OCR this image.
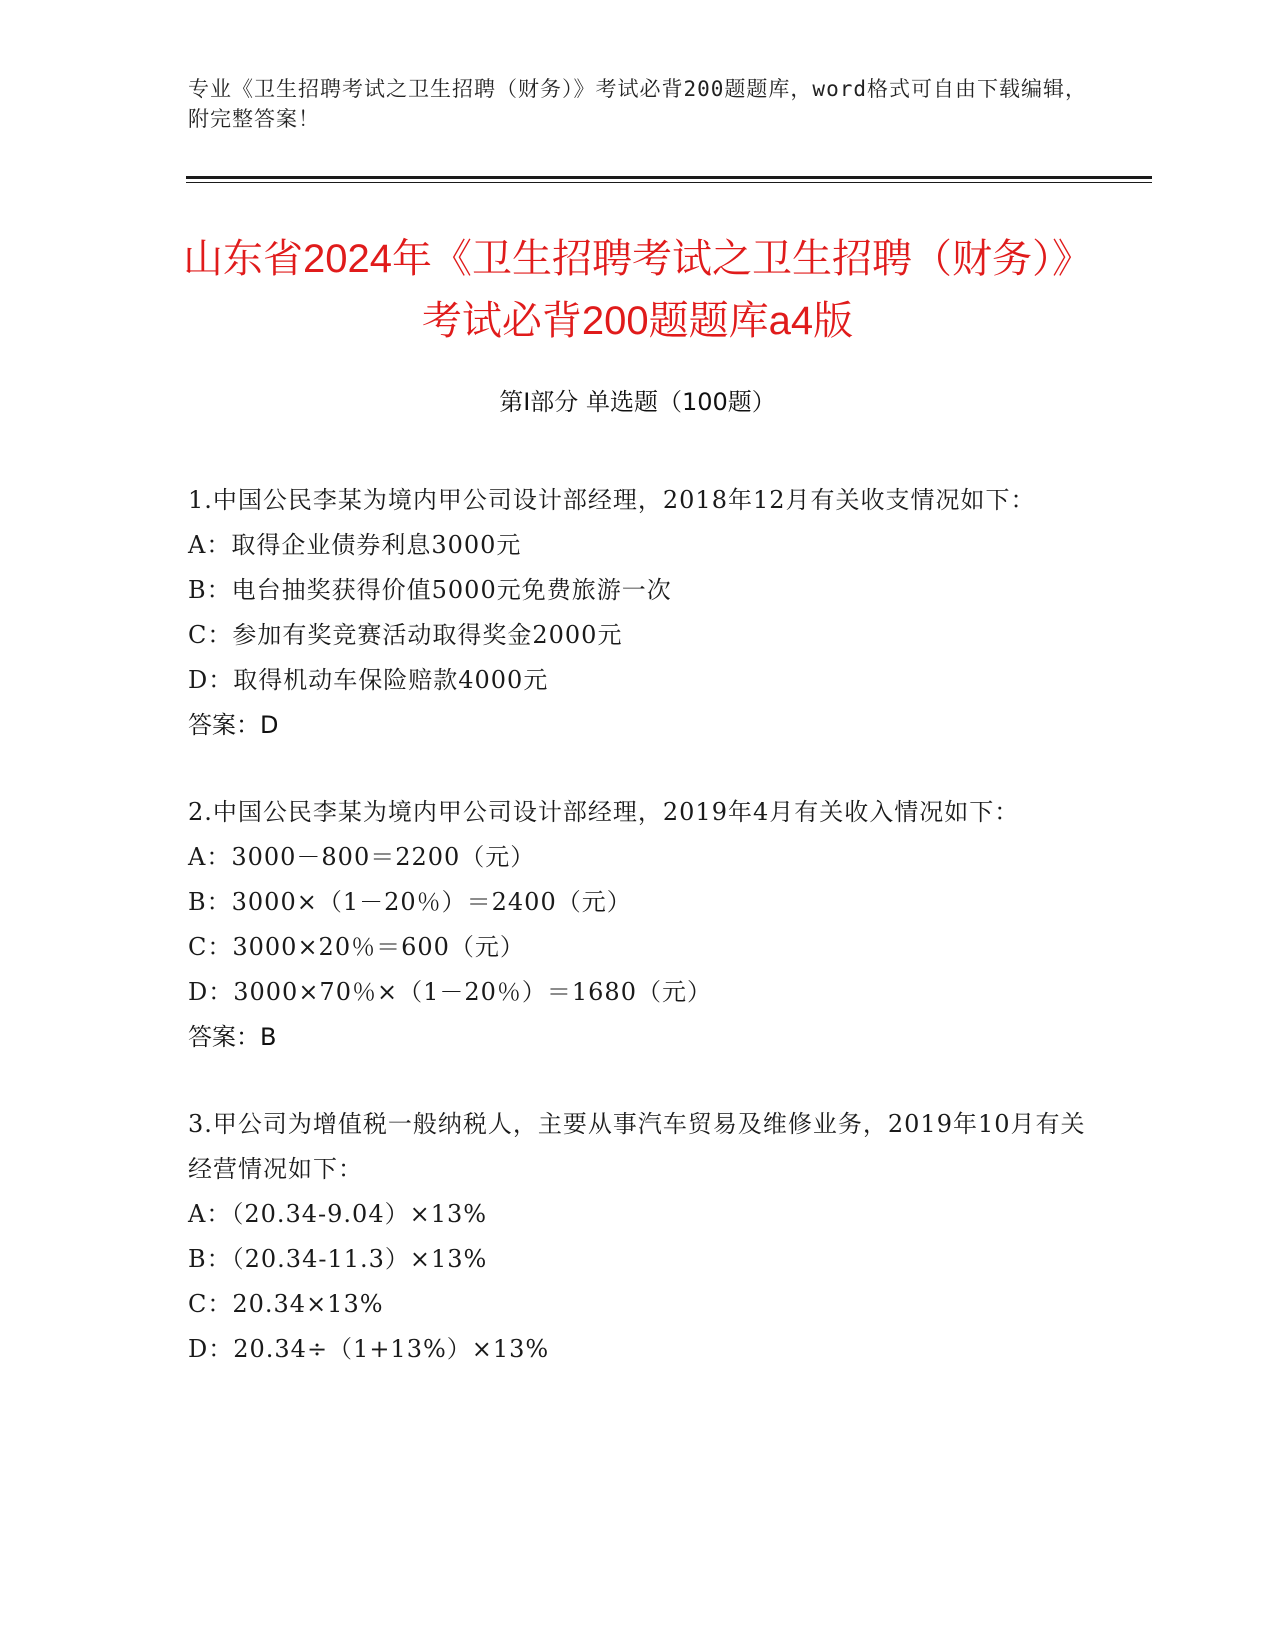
专业《卫生招聘考试之卫生招聘（财务）》考试必背200题题库，word格式可自由下载编辑，附完整答案！
山东省2024年《卫生招聘考试之卫生招聘（财务）》考试必背200题题库a4版
第Ⅰ部分 单选题（100题）
1.中国公民李某为境内甲公司设计部经理，2018年12月有关收支情况如下：
A：取得企业债券利息3000元
B：电台抽奖获得价值5000元免费旅游一次
C：参加有奖竞赛活动取得奖金2000元
D：取得机动车保险赔款4000元
答案：D
2.中国公民李某为境内甲公司设计部经理，2019年4月有关收入情况如下：
A：3000－800＝2200（元）
B：3000×（1－20％）＝2400（元）
C：3000×20％＝600（元）
D：3000×70％×（1－20％）＝1680（元）
答案：B
3.甲公司为增值税一般纳税人，主要从事汽车贸易及维修业务，2019年10月有关经营情况如下：
A：（20.34-9.04）×13%
B：（20.34-11.3）×13%
C：20.34×13%
D：20.34÷（1+13%）×13%
